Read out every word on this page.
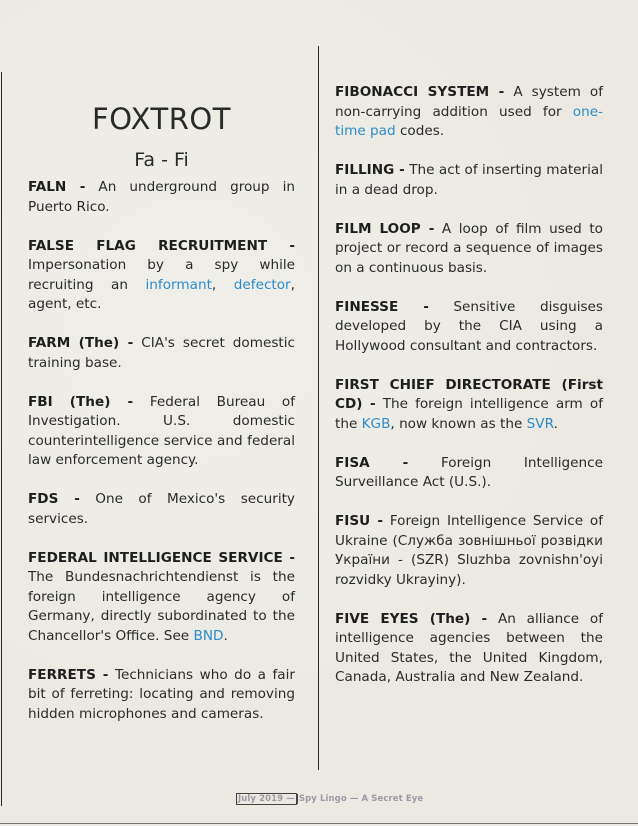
FOXTROT
Fa - Fi

FALN - An underground group in Puerto Rico.

FALSE FLAG RECRUITMENT - Impersonation by a spy while recruiting an informant, defector, agent, etc.

FARM (The) - CIA's secret domestic training base.

FBI (The) - Federal Bureau of Investigation. U.S. domestic counterintelligence service and federal law enforcement agency.

FDS - One of Mexico's security services.

FEDERAL INTELLIGENCE SERVICE - The Bundesnachrichtendienst is the foreign intelligence agency of Germany, directly subordinated to the Chancellor's Office. See BND.

FERRETS - Technicians who do a fair bit of ferreting: locating and removing hidden microphones and cameras.

FIBONACCI SYSTEM - A system of non-carrying addition used for one-time pad codes.

FILLING - The act of inserting material in a dead drop.

FILM LOOP - A loop of film used to project or record a sequence of images on a continuous basis.

FINESSE - Sensitive disguises developed by the CIA using a Hollywood consultant and contractors.

FIRST CHIEF DIRECTORATE (First CD) - The foreign intelligence arm of the KGB, now known as the SVR.

FISA - Foreign Intelligence Surveillance Act (U.S.).

FISU - Foreign Intelligence Service of Ukraine (Служба зовнішньої розвідки України - (SZR) Sluzhba zovnishn'oyi rozvidky Ukrayiny).

FIVE EYES (The) - An alliance of intelligence agencies between the United States, the United Kingdom, Canada, Australia and New Zealand.

July 2019 — Spy Lingo — A Secret Eye
